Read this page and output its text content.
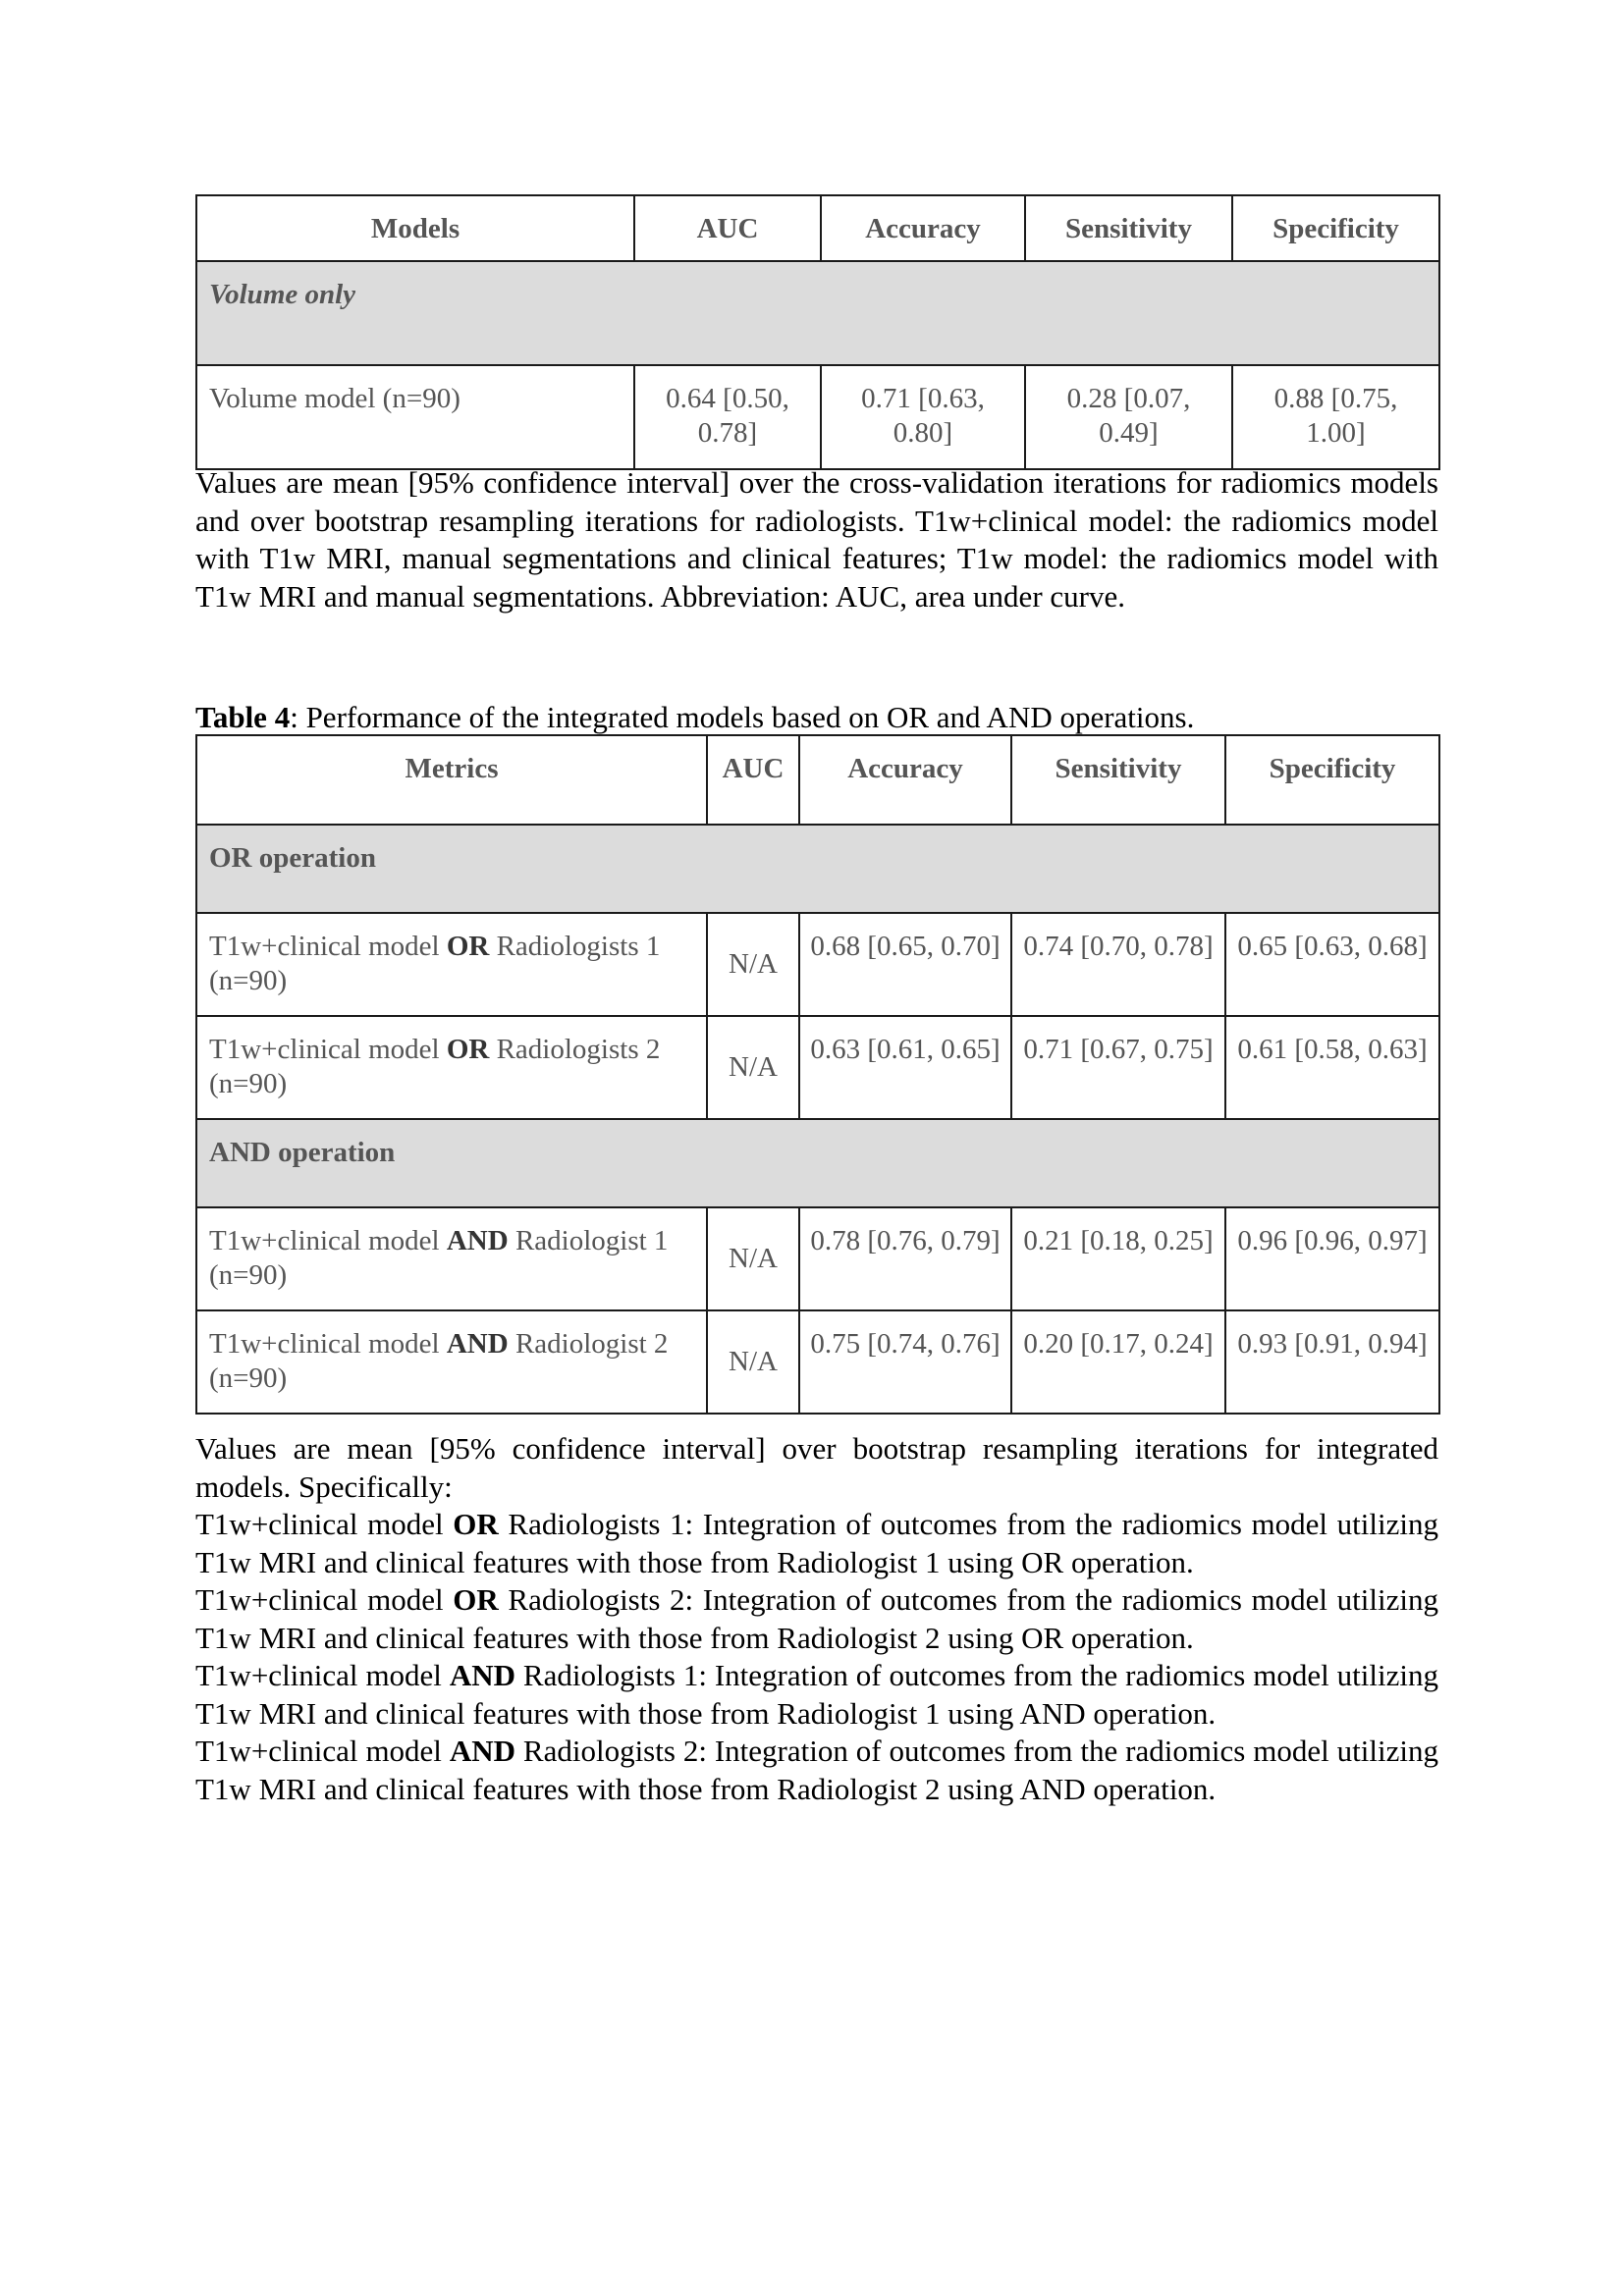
Models	AUC	Accuracy	Sensitivity	Specificity
Volume only				
Volume model (n=90)	0.64 [0.50, 0.78]	0.71 [0.63, 0.80]	0.28 [0.07, 0.49]	0.88 [0.75, 1.00]

Values are mean [95% confidence interval] over the cross-validation iterations for radiomics models and over bootstrap resampling iterations for radiologists. T1w+clinical model: the radiomics model with T1w MRI, manual segmentations and clinical features; T1w model: the radiomics model with T1w MRI and manual segmentations. Abbreviation: AUC, area under curve.

Table 4: Performance of the integrated models based on OR and AND operations.
Metrics	AUC	Accuracy	Sensitivity	Specificity
OR operation				
T1w+clinical model OR Radiologists 1 (n=90)	N/A	0.68 [0.65, 0.70]	0.74 [0.70, 0.78]	0.65 [0.63, 0.68]
T1w+clinical model OR Radiologists 2 (n=90)	N/A	0.63 [0.61, 0.65]	0.71 [0.67, 0.75]	0.61 [0.58, 0.63]
AND operation				
T1w+clinical model AND Radiologist 1 (n=90)	N/A	0.78 [0.76, 0.79]	0.21 [0.18, 0.25]	0.96 [0.96, 0.97]
T1w+clinical model AND Radiologist 2 (n=90)	N/A	0.75 [0.74, 0.76]	0.20 [0.17, 0.24]	0.93 [0.91, 0.94]
Values are mean [95% confidence interval] over bootstrap resampling iterations for integrated models. Specifically:
T1w+clinical model OR Radiologists 1: Integration of outcomes from the radiomics model utilizing T1w MRI and clinical features with those from Radiologist 1 using OR operation.
T1w+clinical model OR Radiologists 2: Integration of outcomes from the radiomics model utilizing T1w MRI and clinical features with those from Radiologist 2 using OR operation.
T1w+clinical model AND Radiologists 1: Integration of outcomes from the radiomics model utilizing T1w MRI and clinical features with those from Radiologist 1 using AND operation.
T1w+clinical model AND Radiologists 2: Integration of outcomes from the radiomics model utilizing T1w MRI and clinical features with those from Radiologist 2 using AND operation.
